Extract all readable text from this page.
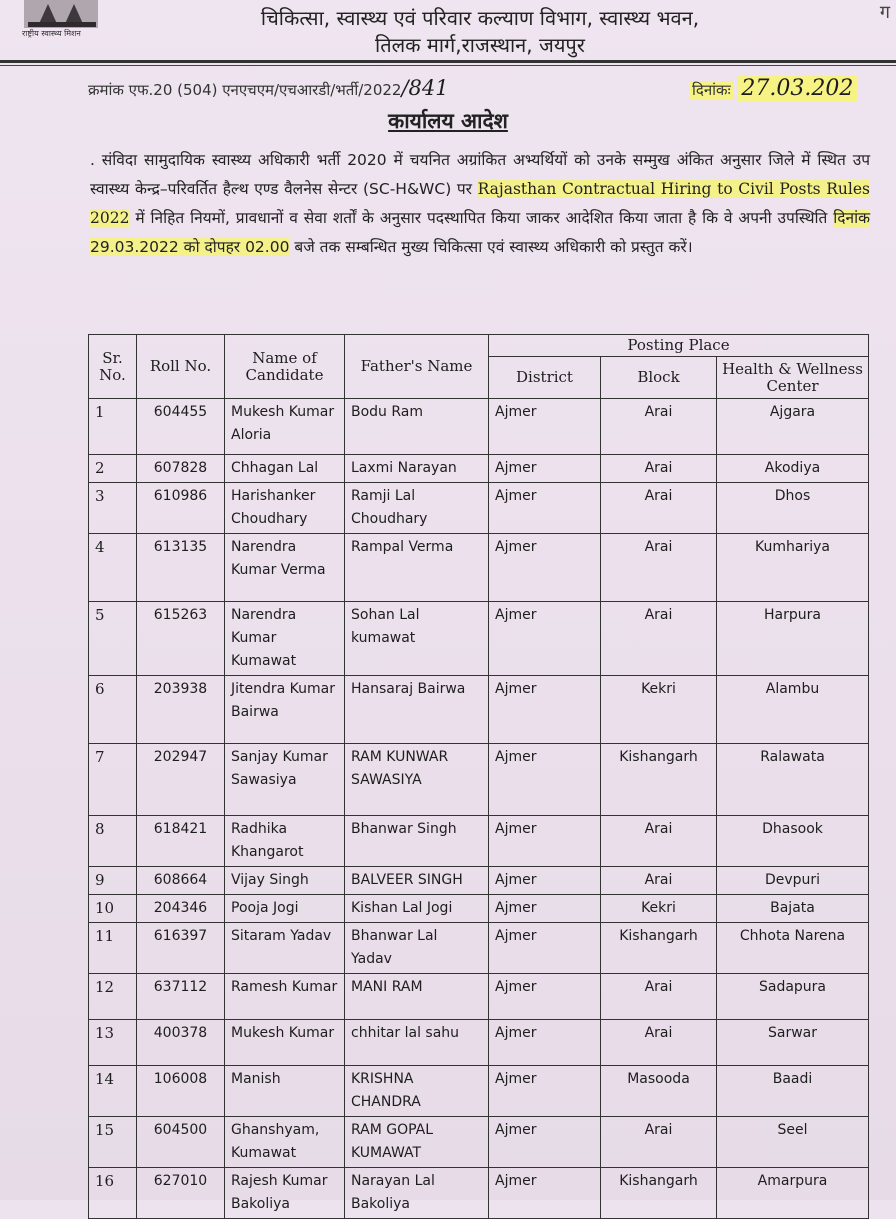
राष्ट्रीय स्वास्थ्य मिशन
चिकित्सा, स्वास्थ्य एवं परिवार कल्याण विभाग, स्वास्थ्य भवन,
तिलक मार्ग,राजस्थान, जयपुर
ग
क्रमांक एफ.20 (504) एनएचएम/एचआरडी/भर्ती/2022/841	दिनांकः 27.03.202
कार्यालय आदेश
. संविदा सामुदायिक स्वास्थ्य अधिकारी भर्ती 2020 में चयनित अग्रांकित अभ्यर्थियों को उनके सम्मुख अंकित अनुसार जिले में स्थित उप स्वास्थ्य केन्द्र–परिवर्तित हैल्थ एण्ड वैलनेस सेन्टर (SC-H&WC) पर Rajasthan Contractual Hiring to Civil Posts Rules 2022 में निहित नियमों, प्रावधानों व सेवा शर्तों के अनुसार पदस्थापित किया जाकर आदेशित किया जाता है कि वे अपनी उपस्थिति दिनांक 29.03.2022 को दोपहर 02.00 बजे तक सम्बन्धित मुख्य चिकित्सा एवं स्वास्थ्य अधिकारी को प्रस्तुत करें।
Sr. No.	Roll No.	Name of Candidate	Father's Name	Posting Place		
				District	Block	Health & Wellness Center
1	604455	Mukesh Kumar Aloria	Bodu Ram	Ajmer	Arai	Ajgara
2	607828	Chhagan Lal	Laxmi Narayan	Ajmer	Arai	Akodiya
3	610986	Harishanker Choudhary	Ramji Lal Choudhary	Ajmer	Arai	Dhos
4	613135	Narendra Kumar Verma	Rampal Verma	Ajmer	Arai	Kumhariya
5	615263	Narendra Kumar Kumawat	Sohan Lal kumawat	Ajmer	Arai	Harpura
6	203938	Jitendra Kumar Bairwa	Hansaraj Bairwa	Ajmer	Kekri	Alambu
7	202947	Sanjay Kumar Sawasiya	RAM KUNWAR SAWASIYA	Ajmer	Kishangarh	Ralawata
8	618421	Radhika Khangarot	Bhanwar Singh	Ajmer	Arai	Dhasook
9	608664	Vijay Singh	BALVEER SINGH	Ajmer	Arai	Devpuri
10	204346	Pooja Jogi	Kishan Lal Jogi	Ajmer	Kekri	Bajata
11	616397	Sitaram Yadav	Bhanwar Lal Yadav	Ajmer	Kishangarh	Chhota Narena
12	637112	Ramesh Kumar	MANI RAM	Ajmer	Arai	Sadapura
13	400378	Mukesh Kumar	chhitar lal sahu	Ajmer	Arai	Sarwar
14	106008	Manish	KRISHNA CHANDRA	Ajmer	Masooda	Baadi
15	604500	Ghanshyam, Kumawat	RAM GOPAL KUMAWAT	Ajmer	Arai	Seel
16	627010	Rajesh Kumar Bakoliya	Narayan Lal Bakoliya	Ajmer	Kishangarh	Amarpura
